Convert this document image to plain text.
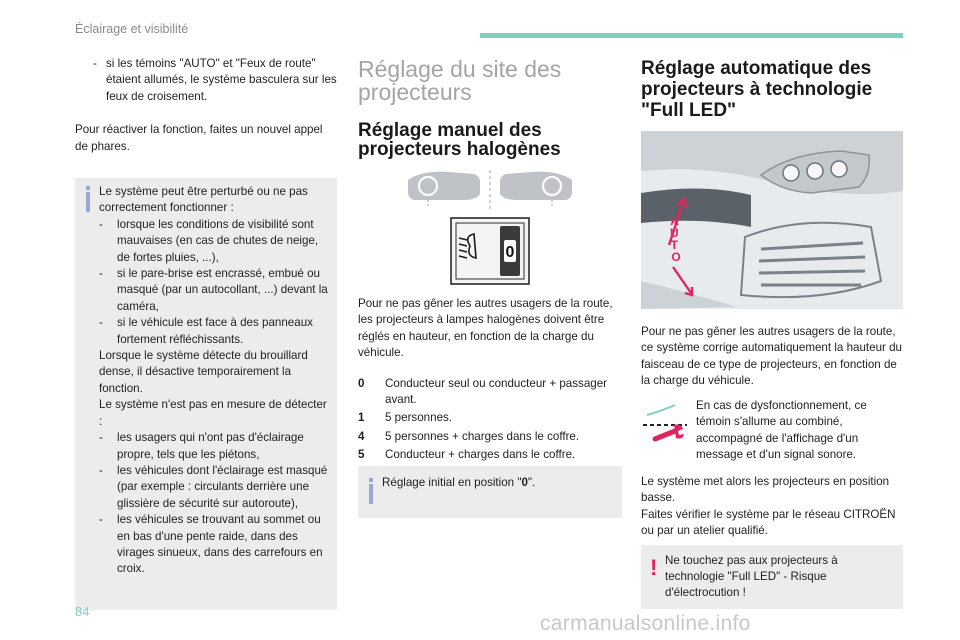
Éclairage et visibilité
- si les témoins "AUTO" et "Feux de route" étaient allumés, le système basculera sur les feux de croisement.

Pour réactiver la fonction, faites un nouvel appel de phares.

Le système peut être perturbé ou ne pas correctement fonctionner :

- lorsque les conditions de visibilité sont mauvaises (en cas de chutes de neige, de fortes pluies, ...),
- si le pare-brise est encrassé, embué ou masqué (par un autocollant, ...) devant la caméra,
- si le véhicule est face à des panneaux fortement réfléchissants.

Lorsque le système détecte du brouillard dense, il désactive temporairement la fonction.

Le système n'est pas en mesure de détecter :

- les usagers qui n'ont pas d'éclairage propre, tels que les piétons,
- les véhicules dont l'éclairage est masqué (par exemple : circulants derrière une glissière de sécurité sur autoroute),
- les véhicules se trouvant au sommet ou en bas d'une pente raide, dans des virages sinueux, dans des carrefours en croix.
Réglage du site des projecteurs
Réglage manuel des projecteurs halogènes
0

Pour ne pas gêner les autres usagers de la route, les projecteurs à lampes halogènes doivent être réglés en hauteur, en fonction de la charge du véhicule.

0 Conducteur seul ou conducteur + passager avant.
1 5 personnes.
4 5 personnes + charges dans le coffre.
5 Conducteur + charges dans le coffre.
Réglage initial en position "0".
Réglage automatique des projecteurs à technologie "Full LED"
A U T O

Pour ne pas gêner les autres usagers de la route, ce système corrige automatiquement la hauteur du faisceau de ce type de projecteurs, en fonction de la charge du véhicule.

En cas de dysfonctionnement, ce témoin s'allume au combiné, accompagné de l'affichage d'un message et d'un signal sonore.

Le système met alors les projecteurs en position basse.

Faites vérifier le système par le réseau CITROËN ou par un atelier qualifié.

! Ne touchez pas aux projecteurs à technologie "Full LED" - Risque d'électrocution !

84
carmanualsonline.info
